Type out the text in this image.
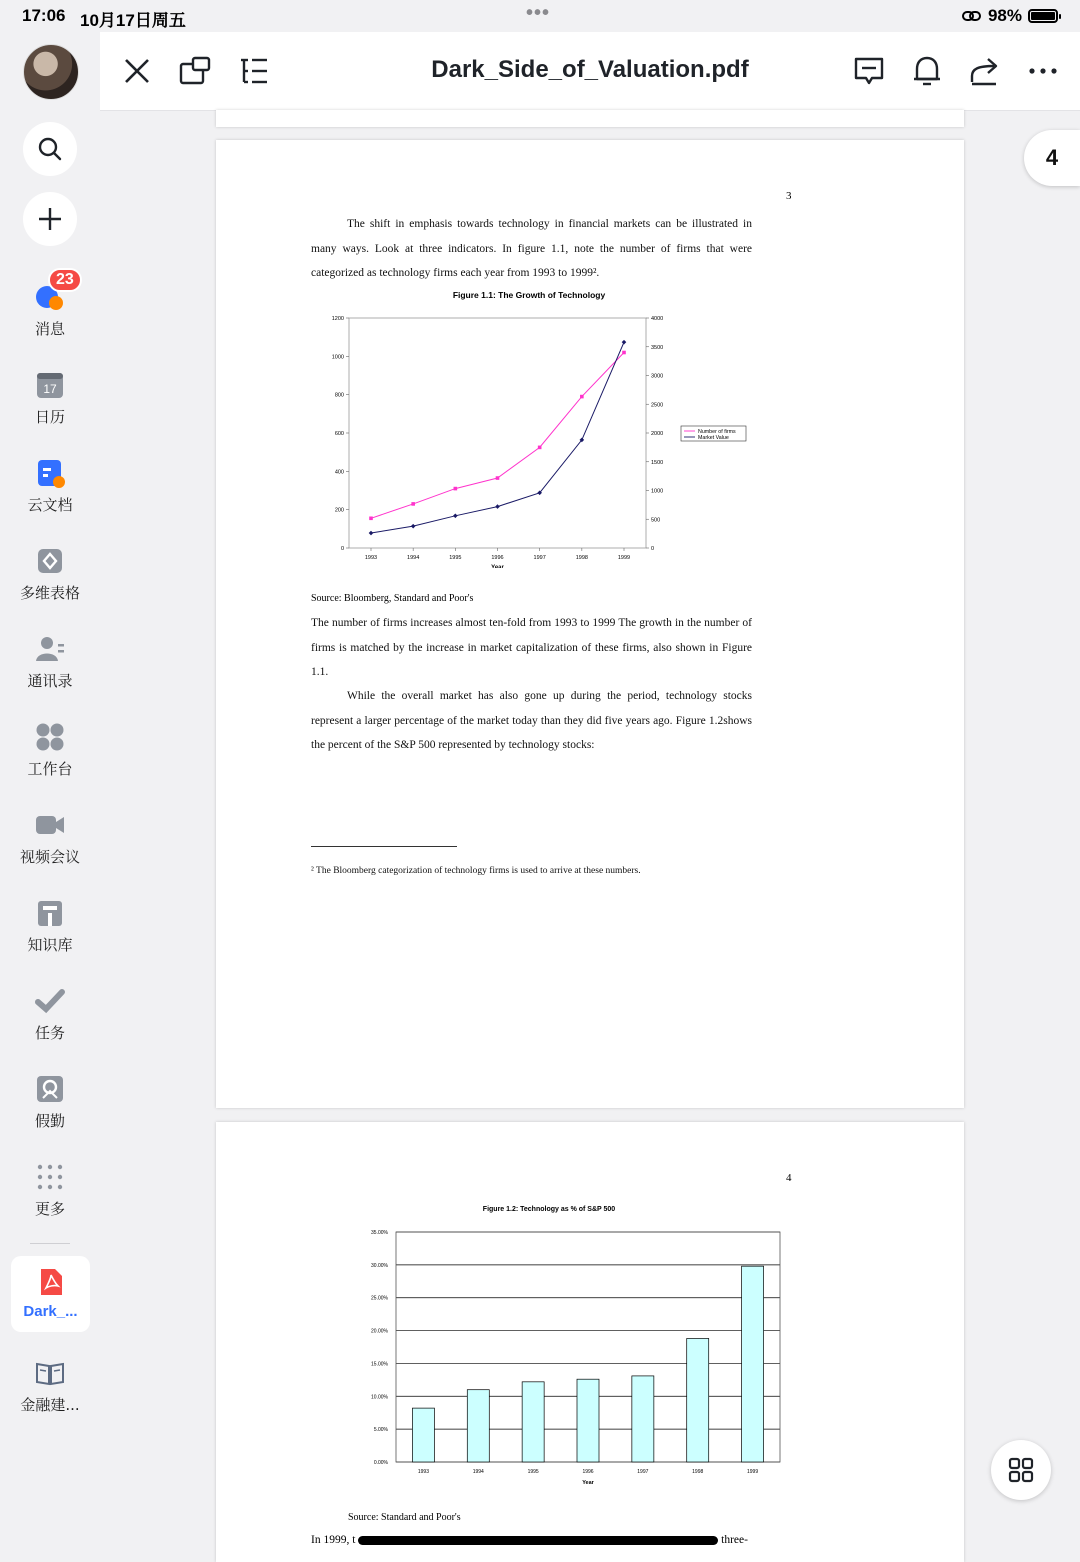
17:06 10月17日周五	•••	98%
消息
23
17
日历
云文档
多维表格
通讯录
工作台
视频会议
知识库
任务
假勤
更多
Dark_...
金融建...
Dark_Side_of_Valuation.pdf
3
The shift in emphasis towards technology in financial markets can be illustrated in many ways. Look at three indicators. In figure 1.1, note the number of firms that were categorized as technology firms each year from 1993 to 1999².
Figure 1.1: The Growth of Technology
0
200
400
600
800
1000
1200
0
500
1000
1500
2000
2500
3000
3500
4000
1993	1994	1995	1996	1997	1998	1999
Year
Number of firms
Market Value
Source: Bloomberg, Standard and Poor's
The number of firms increases almost ten-fold from 1993 to 1999 The growth in the number of firms is matched by the increase in market capitalization of these firms, also shown in Figure 1.1.
While the overall market has also gone up during the period, technology stocks represent a larger percentage of the market today than they did five years ago. Figure 1.2shows the percent of the S&P 500 represented by technology stocks:
² The Bloomberg categorization of technology firms is used to arrive at these numbers.
4
Figure 1.2: Technology as % of S&P 500
0.00%
5.00%
10.00%
15.00%
20.00%
25.00%
30.00%
35.00%
1993	1994	1995	1996	1997	1998	1999
Year
Source: Standard and Poor's
In 1999, t	three-
4
